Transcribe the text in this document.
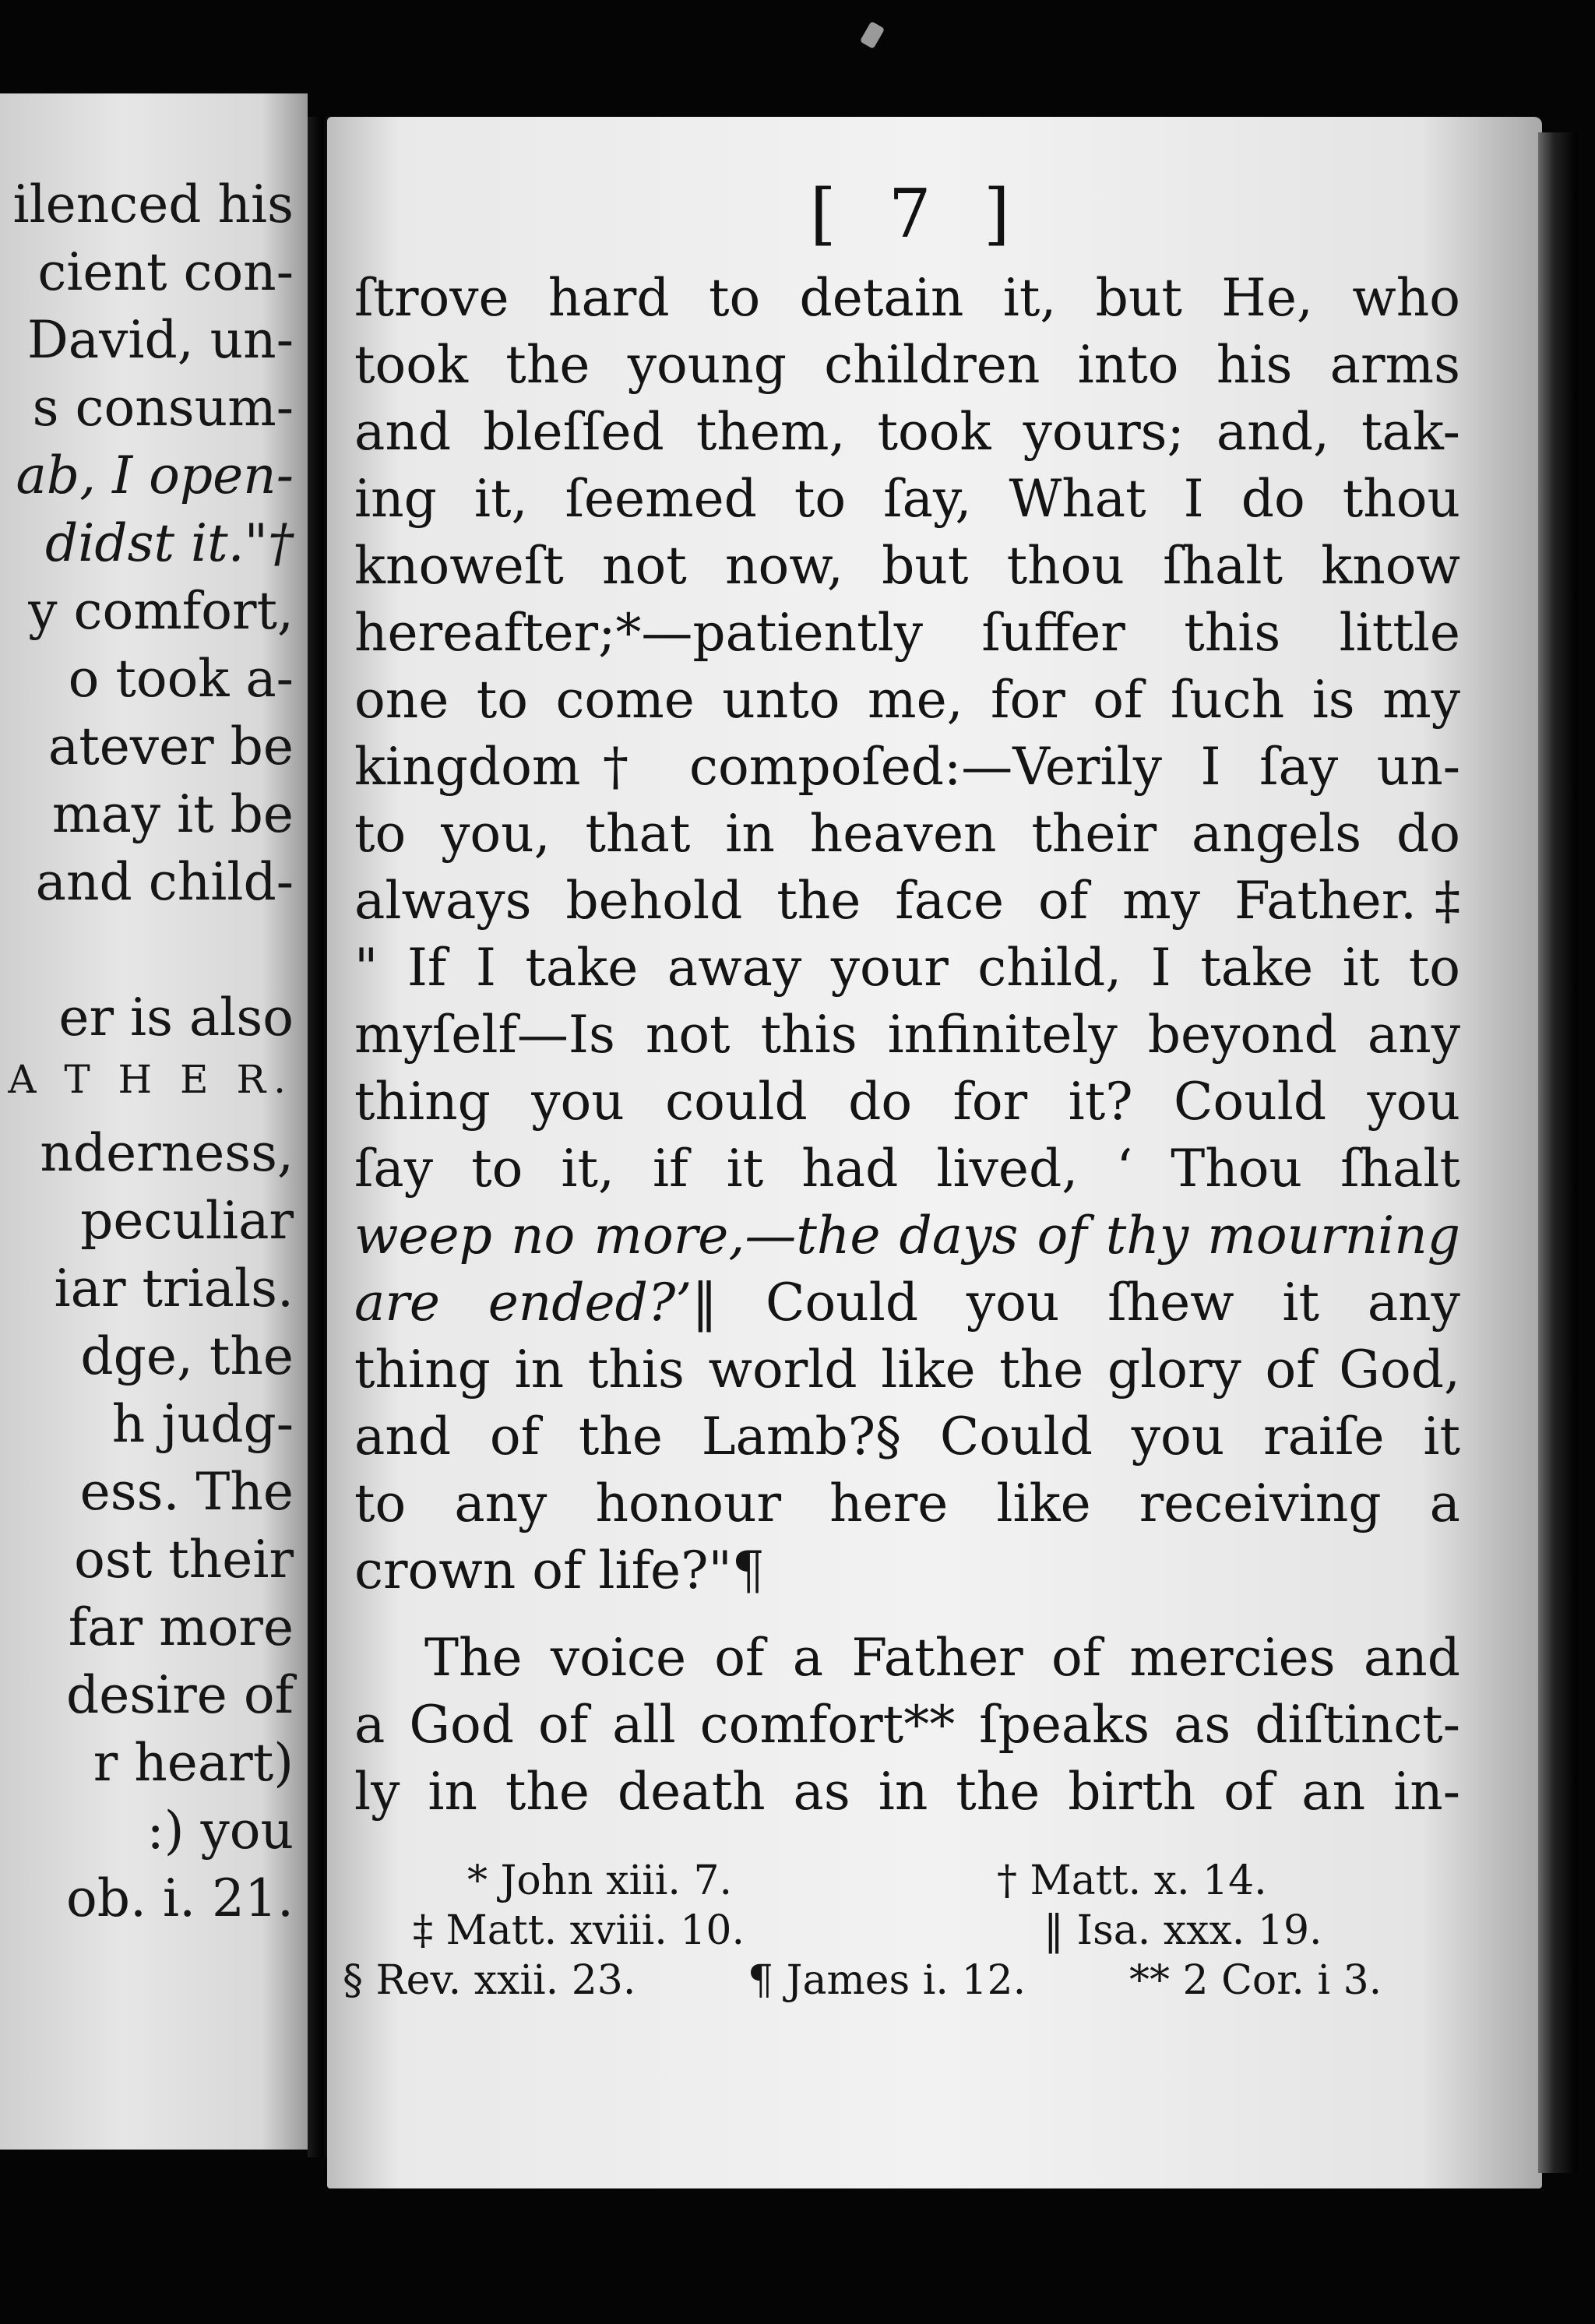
ilenced his
cient con-
David, un-
s consum-
ab, I open-
didst it."†
y comfort,
o took a-
atever be
may it be
and child-
er is also
A T H E R.
nderness,
peculiar
iar trials.
dge, the
h judg-
ess. The
ost their
far more
desire of
r heart)
:) you
ob. i. 21.
[ 7 ]
ſtrove hard to detain it, but He, who
took the young children into his arms
and bleſſed them, took yours; and, tak-
ing it, ſeemed to ſay, What I do thou
knoweſt not now, but thou ſhalt know
hereafter;*—patiently ſuffer this little
one to come unto me, for of ſuch is my
kingdom† compoſed:—Verily I ſay un-
to you, that in heaven their angels do
always behold the face of my Father.‡
" If I take away your child, I take it to
myſelf—Is not this infinitely beyond any
thing you could do for it? Could you
ſay to it, if it had lived, ‘ Thou ſhalt
weep no more,—the days of thy mourning
are ended?’‖ Could you ſhew it any
thing in this world like the glory of God,
and of the Lamb?§ Could you raiſe it
to any honour here like receiving a
crown of life?"¶
The voice of a Father of mercies and
a God of all comfort** ſpeaks as diſtinct-
ly in the death as in the birth of an in-
* John xiii. 7.	† Matt. x. 14.
‡ Matt. xviii. 10.	‖ Isa. xxx. 19.
§ Rev. xxii. 23.	¶ James i. 12.	** 2 Cor. i 3.
